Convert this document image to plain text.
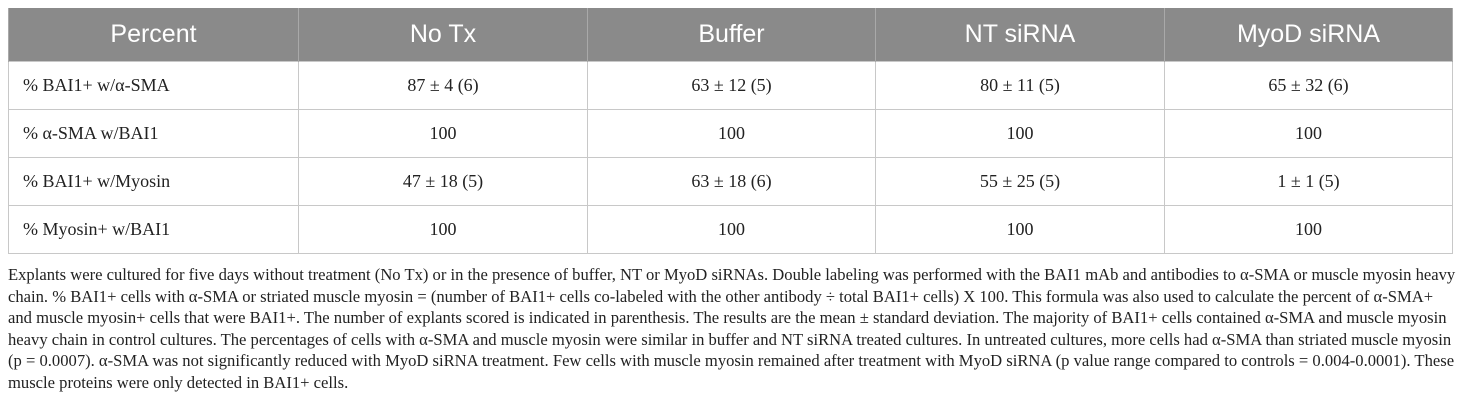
Percent	No Tx	Buffer	NT siRNA	MyoD siRNA
% BAI1+ w/α-SMA	87 ± 4 (6)	63 ± 12 (5)	80 ± 11 (5)	65 ± 32 (6)
% α-SMA w/BAI1	100	100	100	100
% BAI1+ w/Myosin	47 ± 18 (5)	63 ± 18 (6)	55 ± 25 (5)	1 ± 1 (5)
% Myosin+ w/BAI1	100	100	100	100

Explants were cultured for five days without treatment (No Tx) or in the presence of buffer, NT or MyoD siRNAs. Double labeling was performed with the BAI1 mAb and antibodies to α-SMA or muscle myosin heavy chain. % BAI1+ cells with α-SMA or striated muscle myosin = (number of BAI1+ cells co-labeled with the other antibody ÷ total BAI1+ cells) X 100. This formula was also used to calculate the percent of α-SMA+ and muscle myosin+ cells that were BAI1+. The number of explants scored is indicated in parenthesis. The results are the mean ± standard deviation. The majority of BAI1+ cells contained α-SMA and muscle myosin heavy chain in control cultures. The percentages of cells with α-SMA and muscle myosin were similar in buffer and NT siRNA treated cultures. In untreated cultures, more cells had α-SMA than striated muscle myosin (p = 0.0007). α-SMA was not significantly reduced with MyoD siRNA treatment. Few cells with muscle myosin remained after treatment with MyoD siRNA (p value range compared to controls = 0.004-0.0001). These muscle proteins were only detected in BAI1+ cells.
